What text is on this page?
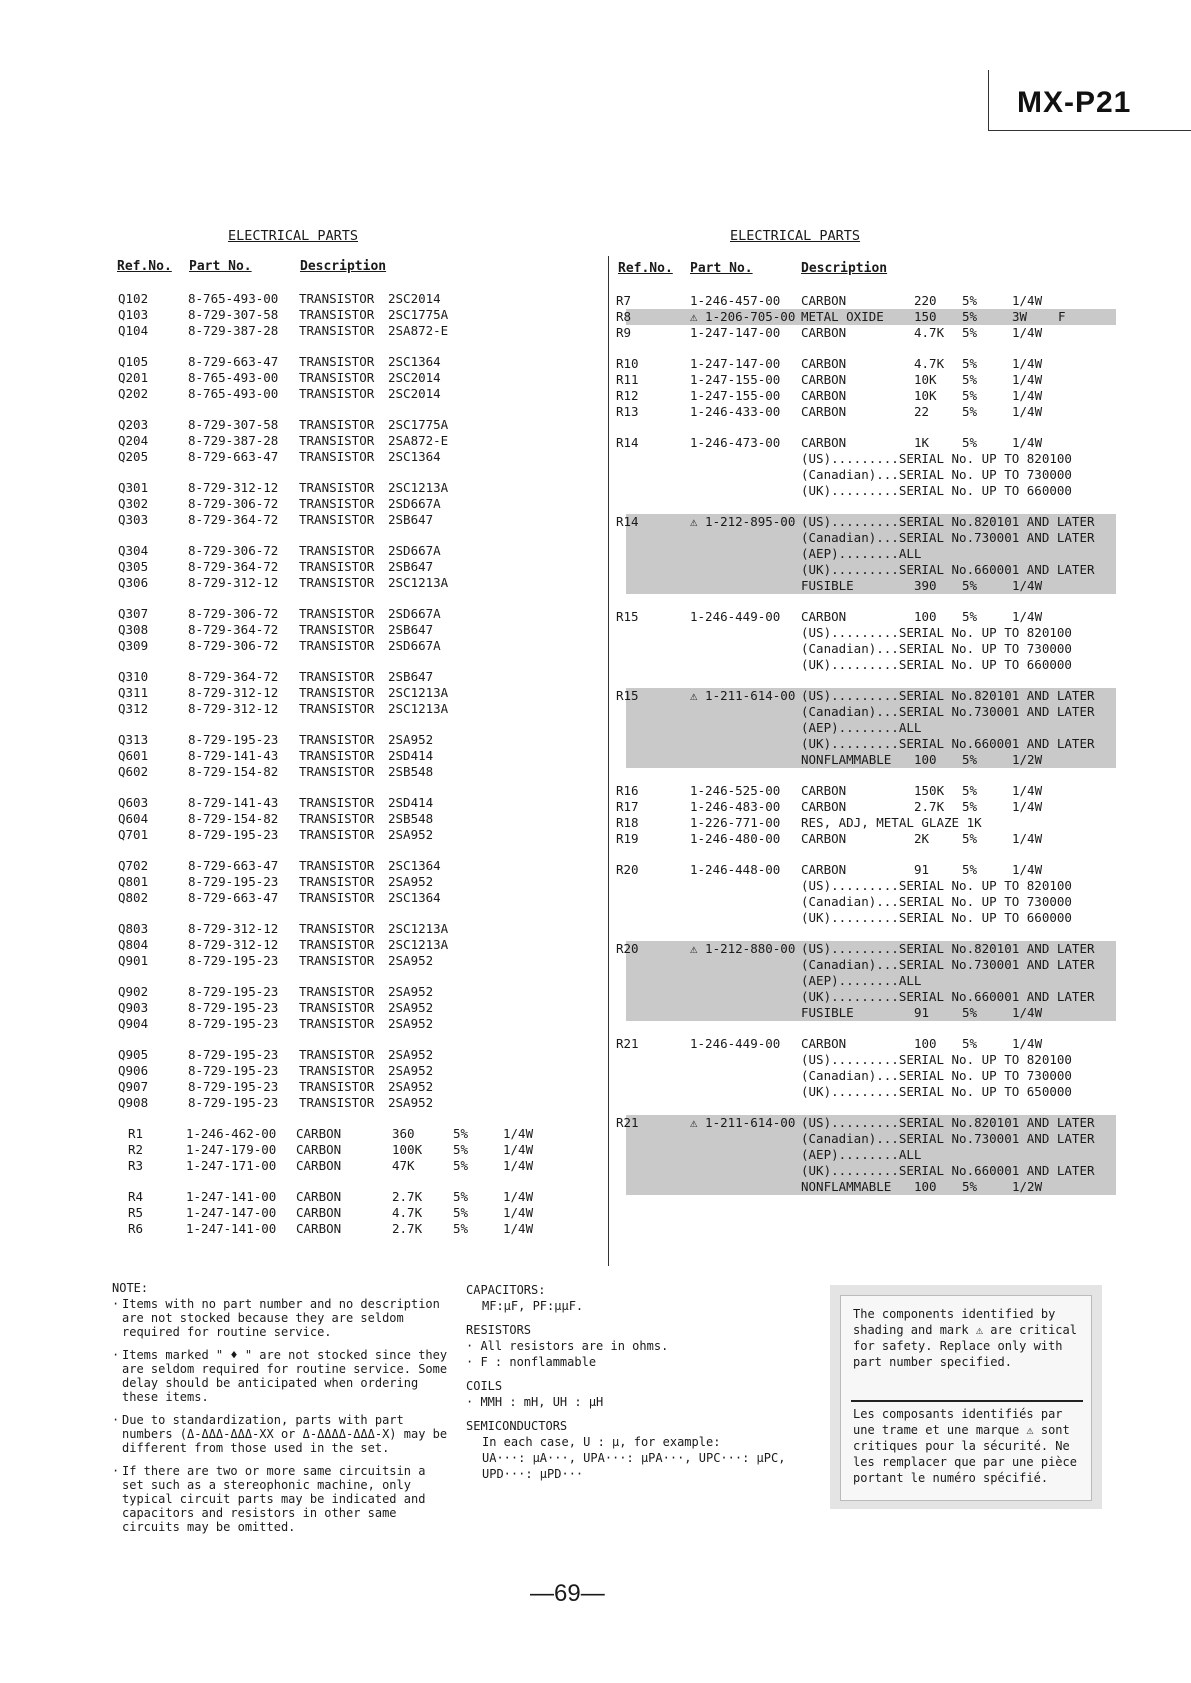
MX-P21
ELECTRICAL PARTS
Ref.No. Part No.	Description
Q102	8-765-493-00 TRANSISTOR 2SC2014
Q103	8-729-307-58 TRANSISTOR 2SC1775A
Q104	8-729-387-28 TRANSISTOR 2SA872-E
Q105	8-729-663-47 TRANSISTOR 2SC1364
Q201	8-765-493-00 TRANSISTOR 2SC2014
Q202	8-765-493-00 TRANSISTOR 2SC2014
Q203	8-729-307-58 TRANSISTOR 2SC1775A
Q204	8-729-387-28 TRANSISTOR 2SA872-E
Q205	8-729-663-47 TRANSISTOR 2SC1364
Q301	8-729-312-12 TRANSISTOR 2SC1213A
Q302	8-729-306-72 TRANSISTOR 2SD667A
Q303	8-729-364-72 TRANSISTOR 2SB647
Q304	8-729-306-72 TRANSISTOR 2SD667A
Q305	8-729-364-72 TRANSISTOR 2SB647
Q306	8-729-312-12 TRANSISTOR 2SC1213A
Q307	8-729-306-72 TRANSISTOR 2SD667A
Q308	8-729-364-72 TRANSISTOR 2SB647
Q309	8-729-306-72 TRANSISTOR 2SD667A
Q310	8-729-364-72 TRANSISTOR 2SB647
Q311	8-729-312-12 TRANSISTOR 2SC1213A
Q312	8-729-312-12 TRANSISTOR 2SC1213A
Q313	8-729-195-23 TRANSISTOR 2SA952
Q601	8-729-141-43 TRANSISTOR 2SD414
Q602	8-729-154-82 TRANSISTOR 2SB548
Q603	8-729-141-43 TRANSISTOR 2SD414
Q604	8-729-154-82 TRANSISTOR 2SB548
Q701	8-729-195-23 TRANSISTOR 2SA952
Q702	8-729-663-47 TRANSISTOR 2SC1364
Q801	8-729-195-23 TRANSISTOR 2SA952
Q802	8-729-663-47 TRANSISTOR 2SC1364
Q803	8-729-312-12 TRANSISTOR 2SC1213A
Q804	8-729-312-12 TRANSISTOR 2SC1213A
Q901	8-729-195-23 TRANSISTOR 2SA952
Q902	8-729-195-23 TRANSISTOR 2SA952
Q903	8-729-195-23 TRANSISTOR 2SA952
Q904	8-729-195-23 TRANSISTOR 2SA952
Q905	8-729-195-23 TRANSISTOR 2SA952
Q906	8-729-195-23 TRANSISTOR 2SA952
Q907	8-729-195-23 TRANSISTOR 2SA952
Q908	8-729-195-23 TRANSISTOR 2SA952
R1	1-246-462-00 CARBON	360	5%	1/4W
R2	1-247-179-00 CARBON	100K 5%	1/4W
R3	1-247-171-00 CARBON	47K	5%	1/4W
R4	1-247-141-00 CARBON	2.7K 5%	1/4W
R5	1-247-147-00 CARBON	4.7K 5%	1/4W
R6	1-247-141-00 CARBON	2.7K 5%	1/4W
ELECTRICAL PARTS
Ref.No. Part No.	Description
R7	1-246-457-00 CARBON	220 5%	1/4W
R8	⚠ 1-206-705-00 METAL OXIDE 150 5%	3W F
R9	1-247-147-00 CARBON	4.7K 5%	1/4W
R10	1-247-147-00 CARBON	4.7K 5%	1/4W
R11	1-247-155-00 CARBON	10K 5%	1/4W
R12	1-247-155-00 CARBON	10K 5%	1/4W
R13	1-246-433-00 CARBON	22	5%	1/4W
R14	1-246-473-00 CARBON	1K	5%	1/4W
(US).........SERIAL No. UP TO 820100
(Canadian)...SERIAL No. UP TO 730000
(UK).........SERIAL No. UP TO 660000
R14	⚠ 1-212-895-00 (US).........SERIAL No.820101 AND LATER
(Canadian)...SERIAL No.730001 AND LATER
(AEP)........ALL
(UK).........SERIAL No.660001 AND LATER
FUSIBLE	390 5%	1/4W
R15	1-246-449-00 CARBON	100 5%	1/4W
(US).........SERIAL No. UP TO 820100
(Canadian)...SERIAL No. UP TO 730000
(UK).........SERIAL No. UP TO 660000
R15	⚠ 1-211-614-00 (US).........SERIAL No.820101 AND LATER
(Canadian)...SERIAL No.730001 AND LATER
(AEP)........ALL
(UK).........SERIAL No.660001 AND LATER
NONFLAMMABLE 100 5%	1/2W
R16	1-246-525-00 CARBON	150K 5%	1/4W
R17	1-246-483-00 CARBON	2.7K 5%	1/4W
R18	1-226-771-00 RES, ADJ, METAL GLAZE 1K
R19	1-246-480-00 CARBON	2K	5%	1/4W
R20	1-246-448-00 CARBON	91	5%	1/4W
(US).........SERIAL No. UP TO 820100
(Canadian)...SERIAL No. UP TO 730000
(UK).........SERIAL No. UP TO 660000
R20	⚠ 1-212-880-00 (US).........SERIAL No.820101 AND LATER
(Canadian)...SERIAL No.730001 AND LATER
(AEP)........ALL
(UK).........SERIAL No.660001 AND LATER
FUSIBLE	91	5%	1/4W
R21	1-246-449-00 CARBON	100 5%	1/4W
(US).........SERIAL No. UP TO 820100
(Canadian)...SERIAL No. UP TO 730000
(UK).........SERIAL No. UP TO 650000
R21	⚠ 1-211-614-00 (US).........SERIAL No.820101 AND LATER
(Canadian)...SERIAL No.730001 AND LATER
(AEP)........ALL
(UK).........SERIAL No.660001 AND LATER
NONFLAMMABLE 100 5%	1/2W
NOTE:
· Items with no part number and no description are not stocked because they are seldom required for routine service.
· Items marked " ♦ " are not stocked since they are seldom required for routine service. Some delay should be anticipated when ordering these items.
· Due to standardization, parts with part numbers (Δ-ΔΔΔ-ΔΔΔ-XX or Δ-ΔΔΔΔ-ΔΔΔ-X) may be different from those used in the set.
· If there are two or more same circuitsin a set such as a stereophonic machine, only typical circuit parts may be indicated and capacitors and resistors in other same circuits may be omitted.
CAPACITORS:
MF:μF, PF:μμF.
RESISTORS
· All resistors are in ohms.
· F : nonflammable
COILS
· MMH : mH, UH : μH
SEMICONDUCTORS
In each case, U : μ, for example:
UA···: μA···, UPA···: μPA···, UPC···: μPC,
UPD···: μPD···
The components identified by shading and mark ⚠ are critical for safety. Replace only with part number specified.
Les composants identifiés par une trame et une marque ⚠ sont critiques pour la sécurité. Ne les remplacer que par une pièce portant le numéro spécifié.
—69—
